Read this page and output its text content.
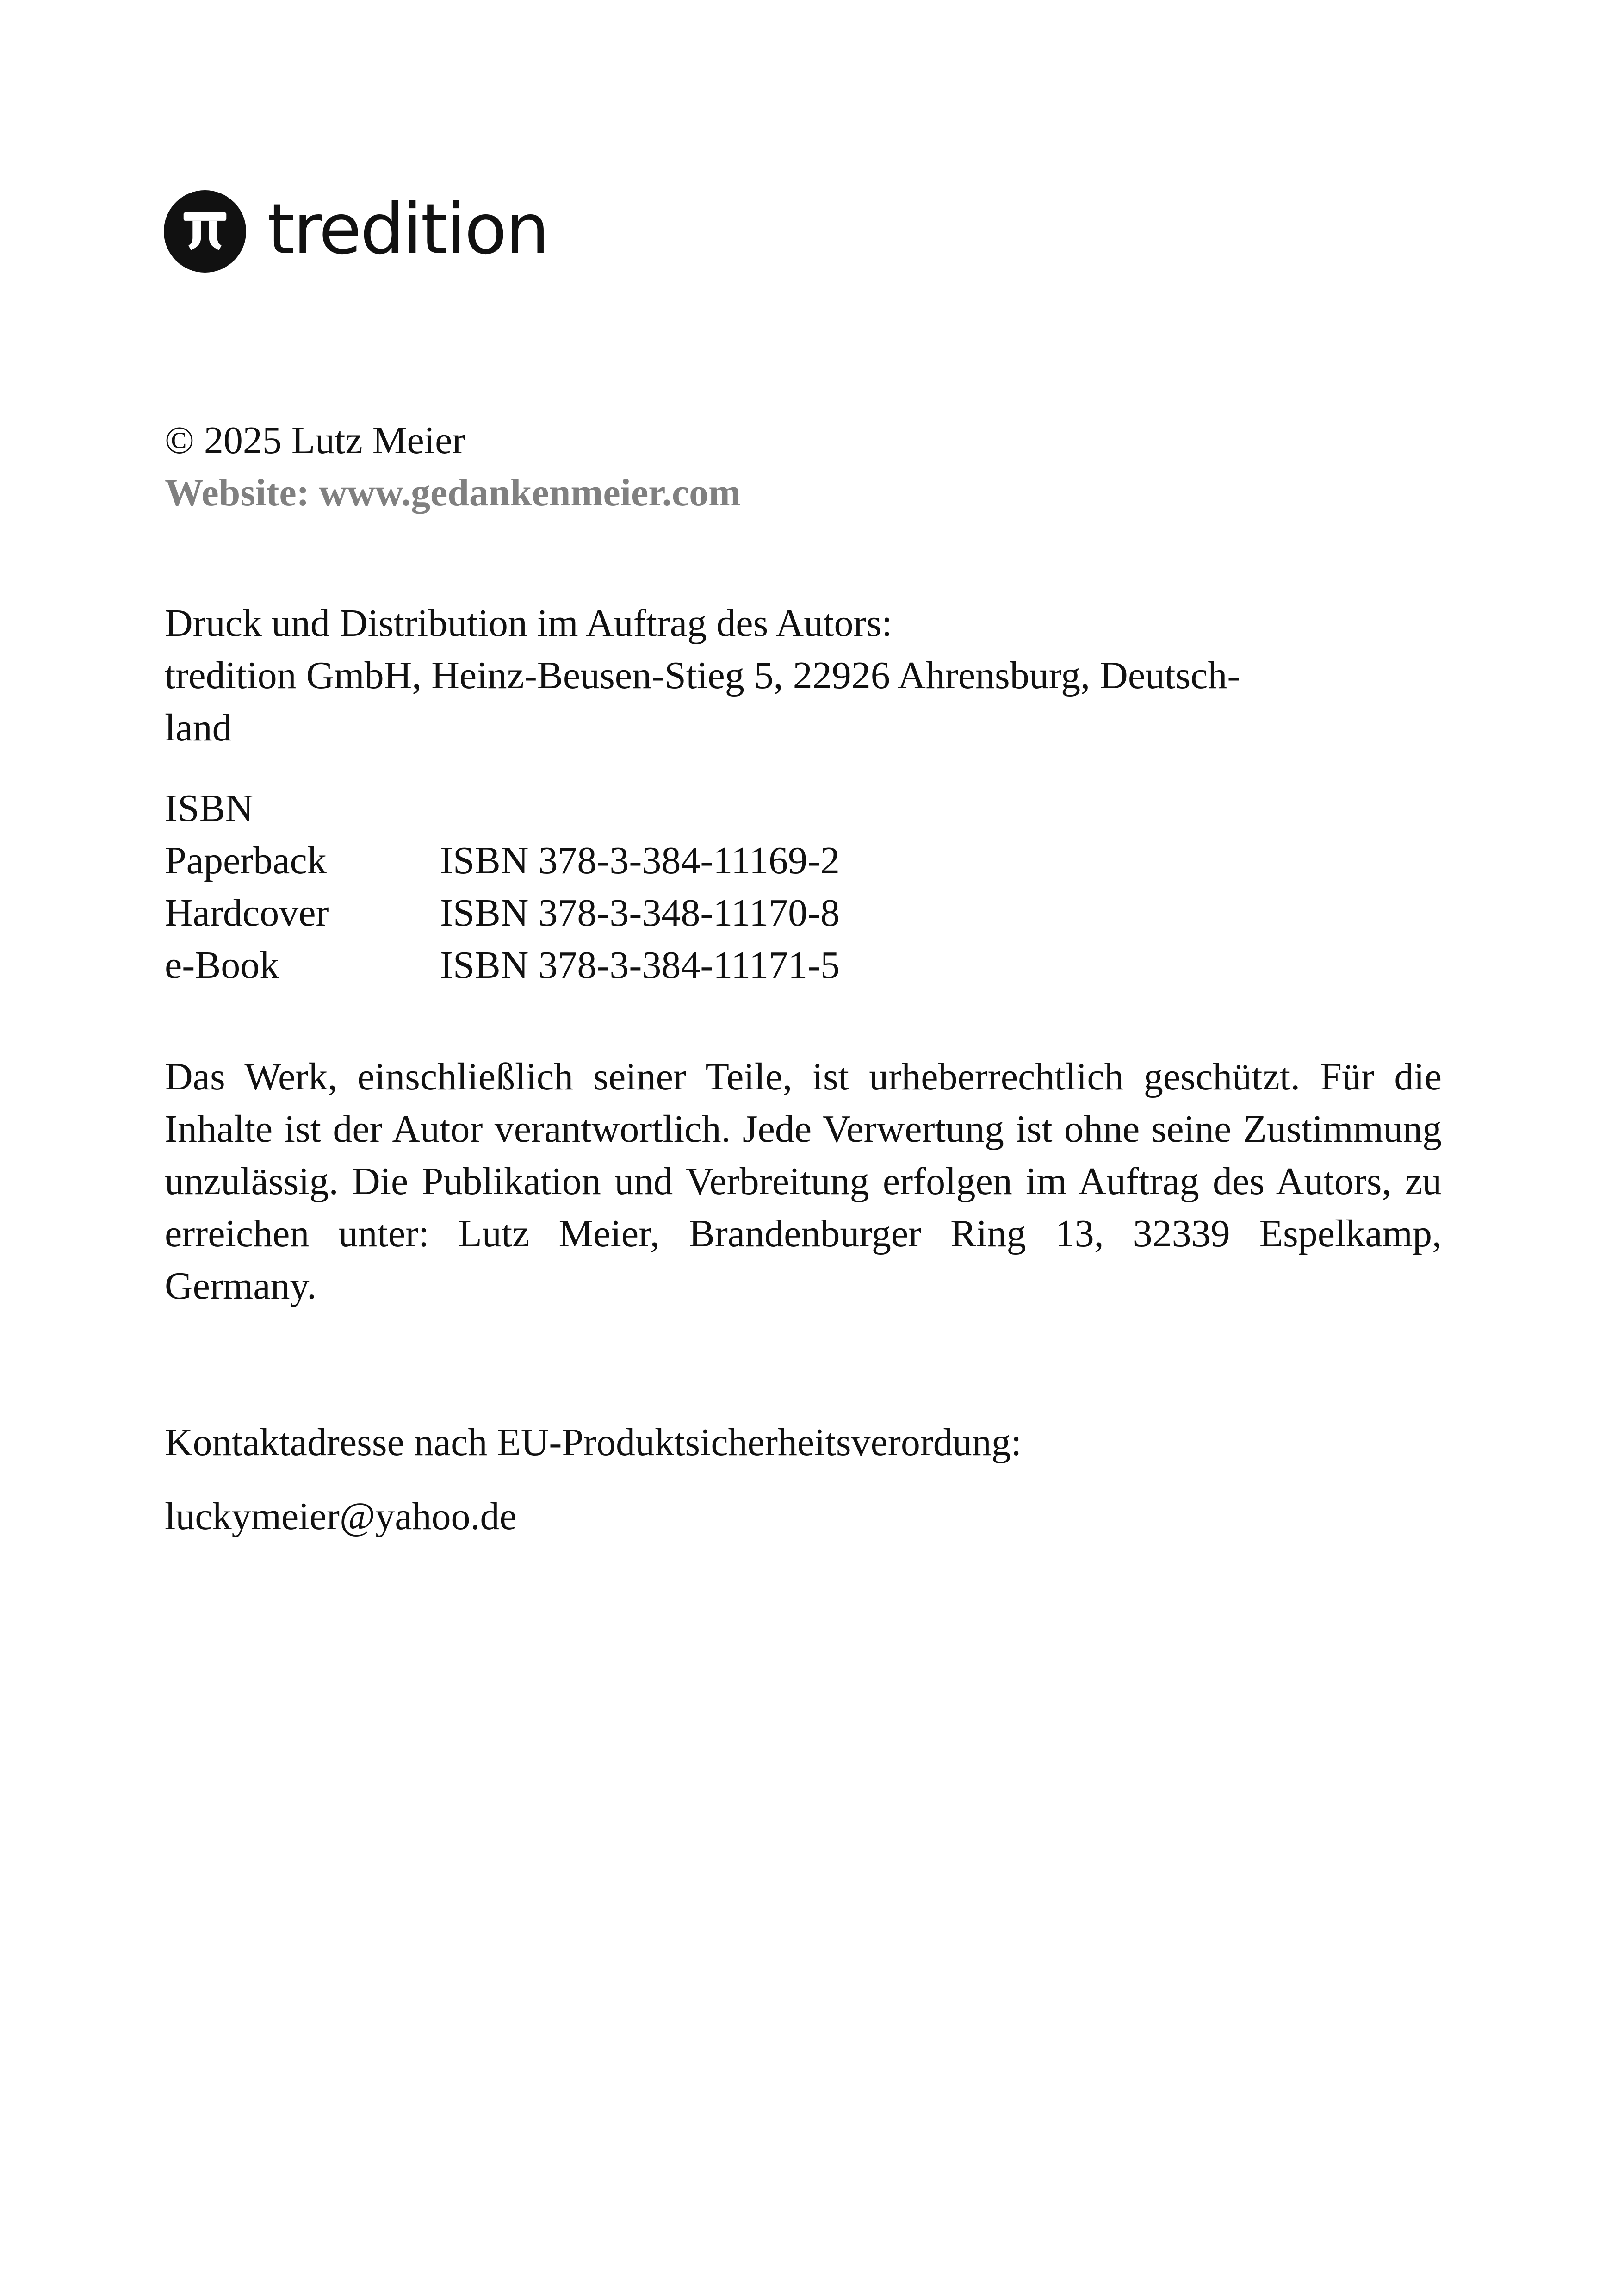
tredition
© 2025 Lutz Meier
Website: www.gedankenmeier.com
Druck und Distribution im Auftrag des Autors:
tredition GmbH, Heinz-Beusen-Stieg 5, 22926 Ahrensburg, Deutsch-
land
ISBN
Paperback	ISBN 378-3-384-11169-2
Hardcover	ISBN 378-3-348-11170-8
e-Book	ISBN 378-3-384-11171-5
Das Werk, einschließlich seiner Teile, ist urheberrechtlich geschützt. Für die Inhalte ist der Autor verantwortlich. Jede Verwertung ist ohne seine Zustimmung unzulässig. Die Publikation und Verbreitung erfolgen im Auftrag des Autors, zu erreichen unter: Lutz Meier, Brandenburger Ring 13, 32339 Espelkamp, Germany.
Kontaktadresse nach EU-Produktsicherheitsverordung:
luckymeier@yahoo.de
